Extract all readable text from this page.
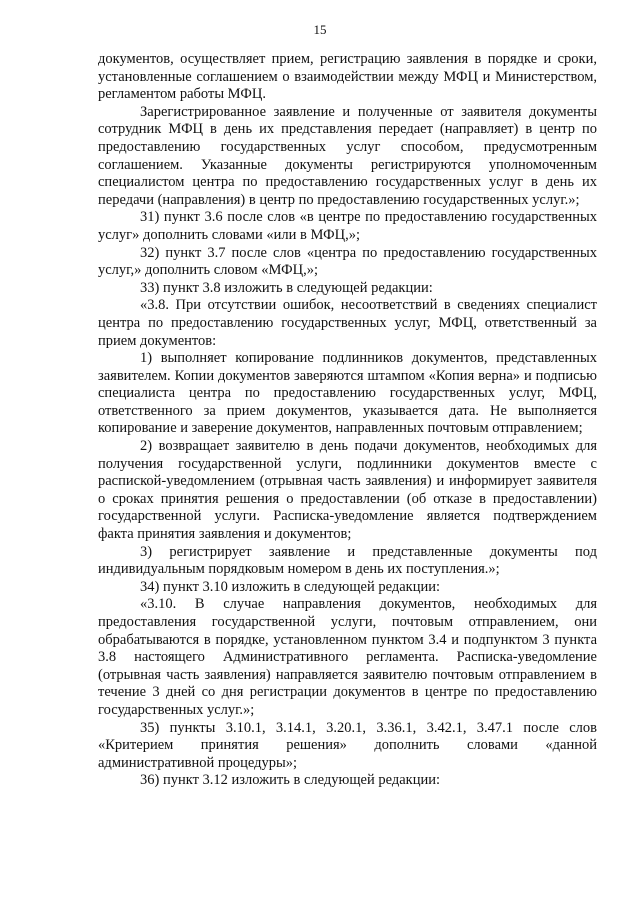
15

документов, осуществляет прием, регистрацию заявления в порядке и сроки, установленные соглашением о взаимодействии между МФЦ и Министерством, регламентом работы МФЦ.

Зарегистрированное заявление и полученные от заявителя документы сотрудник МФЦ в день их представления передает (направляет) в центр по предоставлению государственных услуг способом, предусмотренным соглашением. Указанные документы регистрируются уполномоченным специалистом центра по предоставлению государственных услуг в день их передачи (направления) в центр по предоставлению государственных услуг.»;

31) пункт 3.6 после слов «в центре по предоставлению государственных услуг» дополнить словами «или в МФЦ,»;

32) пункт 3.7 после слов «центра по предоставлению государственных услуг,» дополнить словом «МФЦ,»;

33) пункт 3.8 изложить в следующей редакции:

«3.8. При отсутствии ошибок, несоответствий в сведениях специалист центра по предоставлению государственных услуг, МФЦ, ответственный за прием документов:

1) выполняет копирование подлинников документов, представленных заявителем. Копии документов заверяются штампом «Копия верна» и подписью специалиста центра по предоставлению государственных услуг, МФЦ, ответственного за прием документов, указывается дата. Не выполняется копирование и заверение документов, направленных почтовым отправлением;

2) возвращает заявителю в день подачи документов, необходимых для получения государственной услуги, подлинники документов вместе с распиской-уведомлением (отрывная часть заявления) и информирует заявителя о сроках принятия решения о предоставлении (об отказе в предоставлении) государственной услуги. Расписка-уведомление является подтверждением факта принятия заявления и документов;

3) регистрирует заявление и представленные документы под индивидуальным порядковым номером в день их поступления.»;

34) пункт 3.10 изложить в следующей редакции:

«3.10. В случае направления документов, необходимых для предоставления государственной услуги, почтовым отправлением, они обрабатываются в порядке, установленном пунктом 3.4 и подпунктом 3 пункта 3.8 настоящего Административного регламента. Расписка-уведомление (отрывная часть заявления) направляется заявителю почтовым отправлением в течение 3 дней со дня регистрации документов в центре по предоставлению государственных услуг.»;

35) пункты 3.10.1, 3.14.1, 3.20.1, 3.36.1, 3.42.1, 3.47.1 после слов «Критерием принятия решения» дополнить словами «данной административной процедуры»;

36) пункт 3.12 изложить в следующей редакции:
